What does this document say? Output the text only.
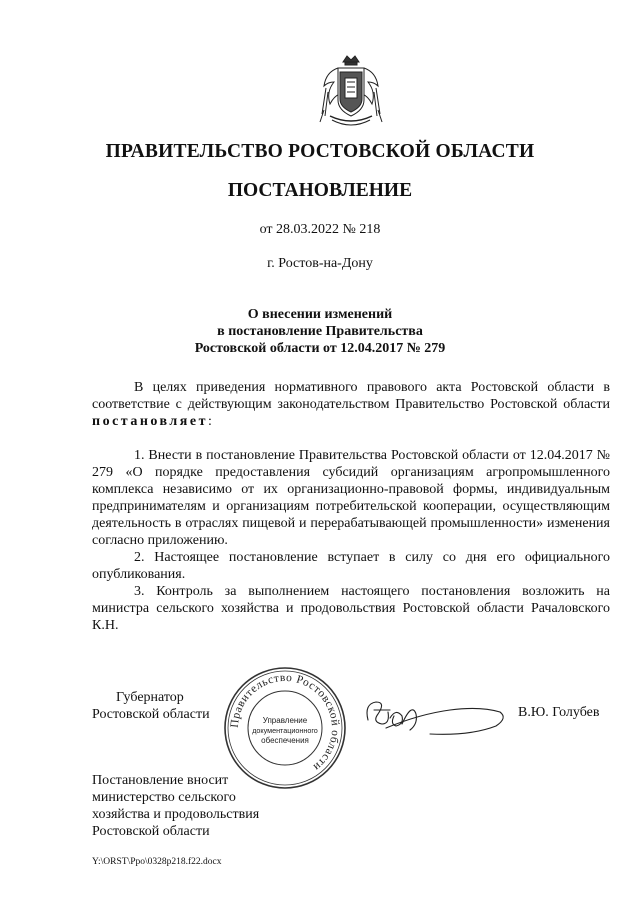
ПРАВИТЕЛЬСТВО РОСТОВСКОЙ ОБЛАСТИ
ПОСТАНОВЛЕНИЕ
от 28.03.2022 № 218
г. Ростов-на-Дону
О внесении изменений
в постановление Правительства
Ростовской области от 12.04.2017 № 279
В целях приведения нормативного правового акта Ростовской области в соответствие с действующим законодательством Правительство Ростовской области постановляет:
1. Внести в постановление Правительства Ростовской области от 12.04.2017 № 279 «О порядке предоставления субсидий организациям агропромышленного комплекса независимо от их организационно-правовой формы, индивидуальным предпринимателям и организациям потребительской кооперации, осуществляющим деятельность в отраслях пищевой и перерабатывающей промышленности» изменения согласно приложению.
2. Настоящее постановление вступает в силу со дня его официального опубликования.
3. Контроль за выполнением настоящего постановления возложить на министра сельского хозяйства и продовольствия Ростовской области Рачаловского К.Н.
Губернатор
Ростовской области
Правительство Ростовской области
Управление
документационного
обеспечения
В.Ю. Голубев
Постановление вносит
министерство сельского
хозяйства и продовольствия
Ростовской области
Y:\ORST\Ppo\0328p218.f22.docx
